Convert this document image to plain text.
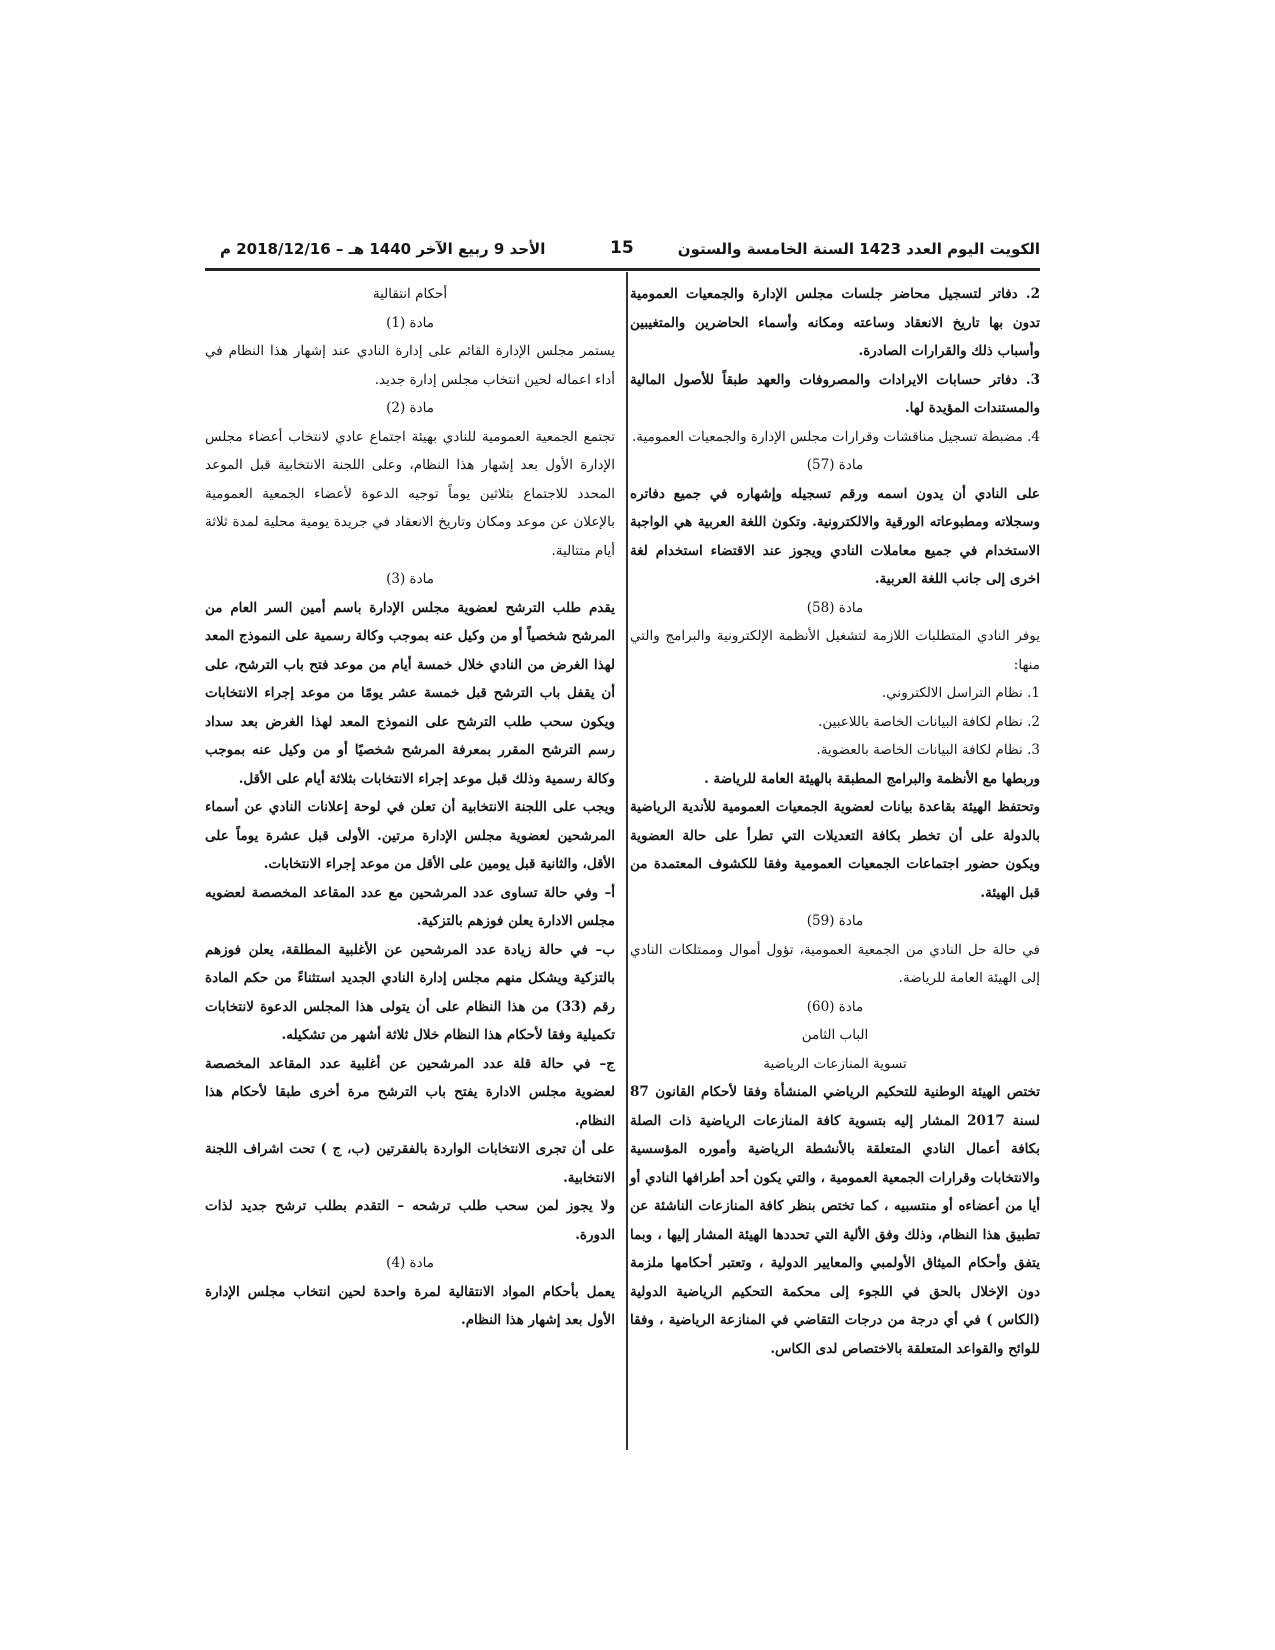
الكويت اليوم العدد 1423 السنة الخامسة والستون
15
الأحد 9 ربيع الآخر 1440 هـ – 2018/12/16 م

2. دفاتر لتسجيل محاضر جلسات مجلس الإدارة والجمعيات العمومية تدون بها تاريخ الانعقاد وساعته ومكانه وأسماء الحاضرين والمتغيبين وأسباب ذلك والقرارات الصادرة.

3. دفاتر حسابات الايرادات والمصروفات والعهد طبقاً للأصول المالية والمستندات المؤيدة لها.

4. مضبطة تسجيل مناقشات وقرارات مجلس الإدارة والجمعيات العمومية.

مادة (57)

على النادي أن يدون اسمه ورقم تسجيله وإشهاره في جميع دفاتره وسجلاته ومطبوعاته الورقية والالكترونية. وتكون اللغة العربية هي الواجبة الاستخدام في جميع معاملات النادي ويجوز عند الاقتضاء استخدام لغة اخرى إلى جانب اللغة العربية.

مادة (58)

يوفر النادي المتطلبات اللازمة لتشغيل الأنظمة الإلكترونية والبرامج والتي منها:

1. نظام التراسل الالكتروني.

2. نظام لكافة البيانات الخاصة باللاعبين.

3. نظام لكافة البيانات الخاصة بالعضوية.

وربطها مع الأنظمة والبرامج المطبقة بالهيئة العامة للرياضة .

وتحتفظ الهيئة بقاعدة بيانات لعضوية الجمعيات العمومية للأندية الرياضية بالدولة على أن تخطر بكافة التعديلات التي تطرأ على حالة العضوية ويكون حضور اجتماعات الجمعيات العمومية وفقا للكشوف المعتمدة من قبل الهيئة.

مادة (59)

في حالة حل النادي من الجمعية العمومية، تؤول أموال وممتلكات النادي إلى الهيئة العامة للرياضة.

مادة (60)

الباب الثامن

تسوية المنازعات الرياضية

تختص الهيئة الوطنية للتحكيم الرياضي المنشأة وفقا لأحكام القانون 87 لسنة 2017 المشار إليه بتسوية كافة المنازعات الرياضية ذات الصلة بكافة أعمال النادي المتعلقة بالأنشطة الرياضية وأموره المؤسسية والانتخابات وقرارات الجمعية العمومية ، والتي يكون أحد أطرافها النادي أو أيا من أعضاءه أو منتسبيه ، كما تختص بنظر كافة المنازعات الناشئة عن تطبيق هذا النظام، وذلك وفق الألية التي تحددها الهيئة المشار إليها ، وبما يتفق وأحكام الميثاق الأولمبي والمعايير الدولية ، وتعتبر أحكامها ملزمة دون الإخلال بالحق في اللجوء إلى محكمة التحكيم الرياضية الدولية (الكاس ) في أي درجة من درجات التقاضي في المنازعة الرياضية ، وفقا للوائح والقواعد المتعلقة بالاختصاص لدى الكاس.

أحكام انتقالية

مادة (1)

يستمر مجلس الإدارة القائم على إدارة النادي عند إشهار هذا النظام في أداء اعماله لحين انتخاب مجلس إدارة جديد.

مادة (2)

تجتمع الجمعية العمومية للنادي بهيئة اجتماع عادي لانتخاب أعضاء مجلس الإدارة الأول بعد إشهار هذا النظام، وعلى اللجنة الانتخابية قبل الموعد المحدد للاجتماع بثلاثين يوماً توجيه الدعوة لأعضاء الجمعية العمومية بالإعلان عن موعد ومكان وتاريخ الانعقاد في جريدة يومية محلية لمدة ثلاثة أيام متتالية.

مادة (3)

يقدم طلب الترشح لعضوية مجلس الإدارة باسم أمين السر العام من المرشح شخصياً أو من وكيل عنه بموجب وكالة رسمية على النموذج المعد لهذا الغرض من النادي خلال خمسة أيام من موعد فتح باب الترشح، على أن يقفل باب الترشح قبل خمسة عشر يومًا من موعد إجراء الانتخابات ويكون سحب طلب الترشح على النموذج المعد لهذا الغرض بعد سداد رسم الترشح المقرر بمعرفة المرشح شخصيًا أو من وكيل عنه بموجب وكالة رسمية وذلك قبل موعد إجراء الانتخابات بثلاثة أيام على الأقل.

ويجب على اللجنة الانتخابية أن تعلن في لوحة إعلانات النادي عن أسماء المرشحين لعضوية مجلس الإدارة مرتين. الأولى قبل عشرة يوماً على الأقل، والثانية قبل يومين على الأقل من موعد إجراء الانتخابات.

أ– وفي حالة تساوى عدد المرشحين مع عدد المقاعد المخصصة لعضويه مجلس الادارة يعلن فوزهم بالتزكية.

ب– في حالة زيادة عدد المرشحين عن الأغلبية المطلقة، يعلن فوزهم بالتزكية ويشكل منهم مجلس إدارة النادي الجديد استثناءً من حكم المادة رقم (33) من هذا النظام على أن يتولى هذا المجلس الدعوة لانتخابات تكميلية وفقا لأحكام هذا النظام خلال ثلاثة أشهر من تشكيله.

ج– في حالة قلة عدد المرشحين عن أغلبية عدد المقاعد المخصصة لعضوية مجلس الادارة يفتح باب الترشح مرة أخرى طبقا لأحكام هذا النظام.

على أن تجرى الانتخابات الواردة بالفقرتين (ب، ج ) تحت اشراف اللجنة الانتخابية.

ولا يجوز لمن سحب طلب ترشحه – التقدم بطلب ترشح جديد لذات الدورة.

مادة (4)

يعمل بأحكام المواد الانتقالية لمرة واحدة لحين انتخاب مجلس الإدارة الأول بعد إشهار هذا النظام.
